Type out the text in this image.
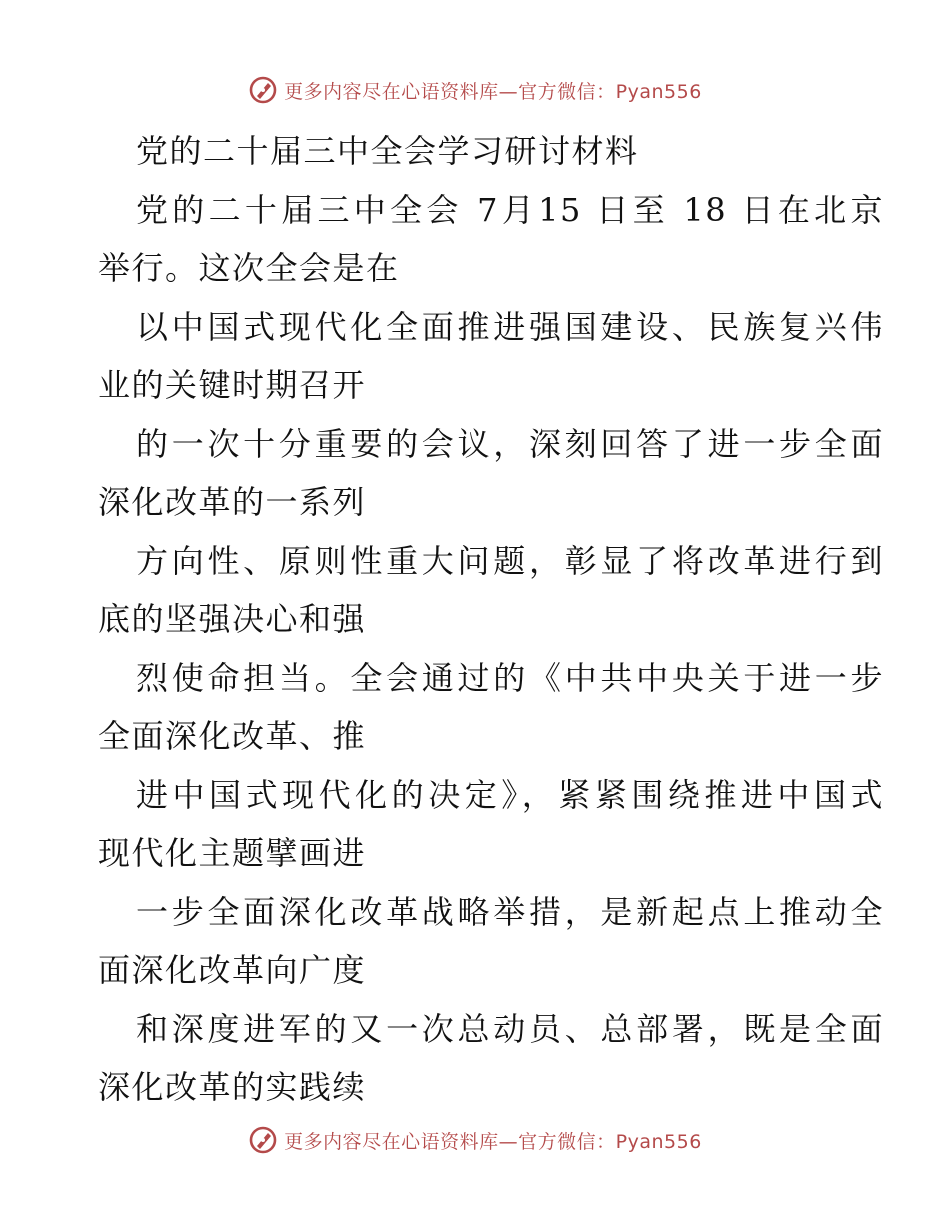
更多内容尽在心语资料库—官方微信：Pyan556
党的二十届三中全会学习研讨材料
党的二十届三中全会 7月15 日至 18 日在北京
举行。这次全会是在
以中国式现代化全面推进强国建设、民族复兴伟
业的关键时期召开
的一次十分重要的会议，深刻回答了进一步全面
深化改革的一系列
方向性、原则性重大问题，彰显了将改革进行到
底的坚强决心和强
烈使命担当。全会通过的《中共中央关于进一步
全面深化改革、推
进中国式现代化的决定》，紧紧围绕推进中国式
现代化主题擘画进
一步全面深化改革战略举措，是新起点上推动全
面深化改革向广度
和深度进军的又一次总动员、总部署，既是全面
深化改革的实践续
更多内容尽在心语资料库—官方微信：Pyan556
